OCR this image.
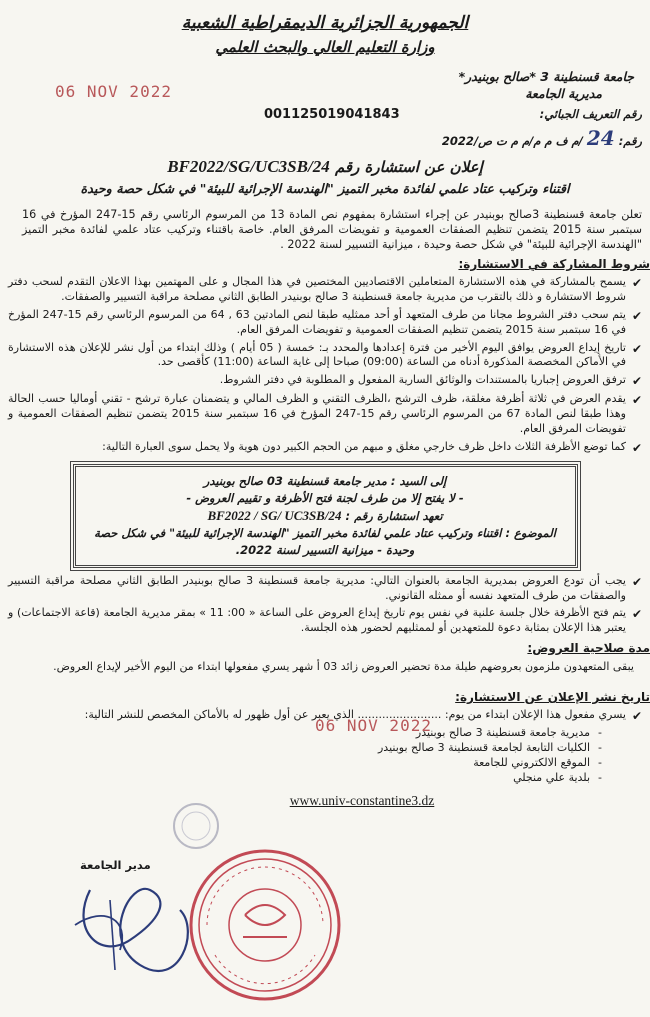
الجمهورية الجزائرية الديمقراطية الشعبية
وزارة التعليم العالي والبحث العلمي
جامعة قسنطينة 3 *صالح بوبنيدر*
مديرية الجامعة
رقم التعريف الجبائي:
001125019041843
رقم: 24 /م ف م م/م م ت ص/2022
إعلان عن استشارة رقم BF2022/SG/UC3SB/24
اقتناء وتركيب عتاد علمي لفائدة مخبر التميز "الهندسة الإجرائية للبيئة" في شكل حصة وحيدة
تعلن جامعة قسنطينة 3صالح بوبنيدر عن إجراء استشارة بمفهوم نص المادة 13 من المرسوم الرئاسي رقم 15-247 المؤرخ في 16 سبتمبر سنة 2015 يتضمن تنظيم الصفقات العمومية و تفويضات المرفق العام. خاصة باقتناء وتركيب عتاد علمي لفائدة مخبر التميز "الهندسة الإجرائية للبيئة" في شكل حصة وحيدة ، ميزانية التسيير لسنة 2022 .
شروط المشاركة في الاستشارة:
✔
يسمح بالمشاركة في هذه الاستشارة المتعاملين الاقتصاديين المختصين في هذا المجال و على المهتمين بهذا الاعلان التقدم لسحب دفتر شروط الاستشارة و ذلك بالتقرب من مديرية جامعة قسنطينة 3 صالح بوبنيدر الطابق الثاني مصلحة مراقبة التسيير والصفقات.
✔
يتم سحب دفتر الشروط مجانا من طرف المتعهد أو أحد ممثليه طبقا لنص المادتين 63 , 64 من المرسوم الرئاسي رقم 15-247 المؤرخ في 16 سبتمبر سنة 2015 يتضمن تنظيم الصفقات العمومية و تفويضات المرفق العام.
✔
تاريخ إيداع العروض يوافق اليوم الأخير من فترة إعدادها والمحدد بـ: خمسة ( 05 أيام ) وذلك ابتداء من أول نشر للإعلان هذه الاستشارة في الأماكن المخصصة المذكورة أدناه من الساعة (09:00) صباحا إلى غاية الساعة (11:00) كأقصى حد.
✔
ترفق العروض إجباريا بالمستندات والوثائق السارية المفعول و المطلوبة في دفتر الشروط.
✔
يقدم العرض في ثلاثة أظرفة مغلقة، ظرف الترشح ،الظرف التقني و الظرف المالي و يتضمنان عبارة ترشح - تقني أوماليا حسب الحالة وهذا طبقا لنص المادة 67 من المرسوم الرئاسي رقم 15-247 المؤرخ في 16 سبتمبر سنة 2015 يتضمن تنظيم الصفقات العمومية و تفويضات المرفق العام.
✔
كما توضع الأظرفة الثلاث داخل ظرف خارجي مغلق و مبهم من الحجم الكبير دون هوية ولا يحمل سوى العبارة التالية:
إلى السيد : مدير جامعة قسنطينة 03 صالح بوبنيدر
- لا يفتح إلا من طرف لجنة فتح الأظرفة و تقييم العروض -
تعهد استشارة رقم : BF2022 / SG/ UC3SB/24
الموضوع : اقتناء وتركيب عتاد علمي لفائدة مخبر التميز "الهندسة الإجرائية للبيئة" في شكل حصة وحيدة - ميزانية التسيير لسنة 2022.
✔
يجب أن تودع العروض بمديرية الجامعة بالعنوان التالي: مديرية جامعة قسنطينة 3 صالح بوبنيدر الطابق الثاني مصلحة مراقبة التسيير والصفقات من طرف المتعهد نفسه أو ممثله القانوني.
✔
يتم فتح الأظرفة خلال جلسة علنية في نفس يوم تاريخ إيداع العروض على الساعة « 00: 11 » بمقر مديرية الجامعة (قاعة الاجتماعات) و يعتبر هذا الإعلان بمثابة دعوة للمتعهدين أو لممثليهم لحضور هذه الجلسة.
مدة صلاحية العروض:
يبقى المتعهدون ملزمون بعروضهم طيلة مدة تحضير العروض زائد 03 أ شهر يسري مفعولها ابتداء من اليوم الأخير لإيداع العروض.
تاريخ نشر الإعلان عن الاستشارة:
✔
يسري مفعول هذا الإعلان ابتداء من يوم: ........................ الذي يعبر عن أول ظهور له بالأماكن المخصص للنشر التالية:
-
مديرية جامعة قسنطينة 3 صالح بوبنيدر
-
الكليات التابعة لجامعة قسنطينة 3 صالح بوبنيدر
-
الموقع الالكتروني للجامعة
-
بلدية علي منجلي
www.univ-constantine3.dz
06 NOV 2022
06 NOV 2022
مدير الجامعة
